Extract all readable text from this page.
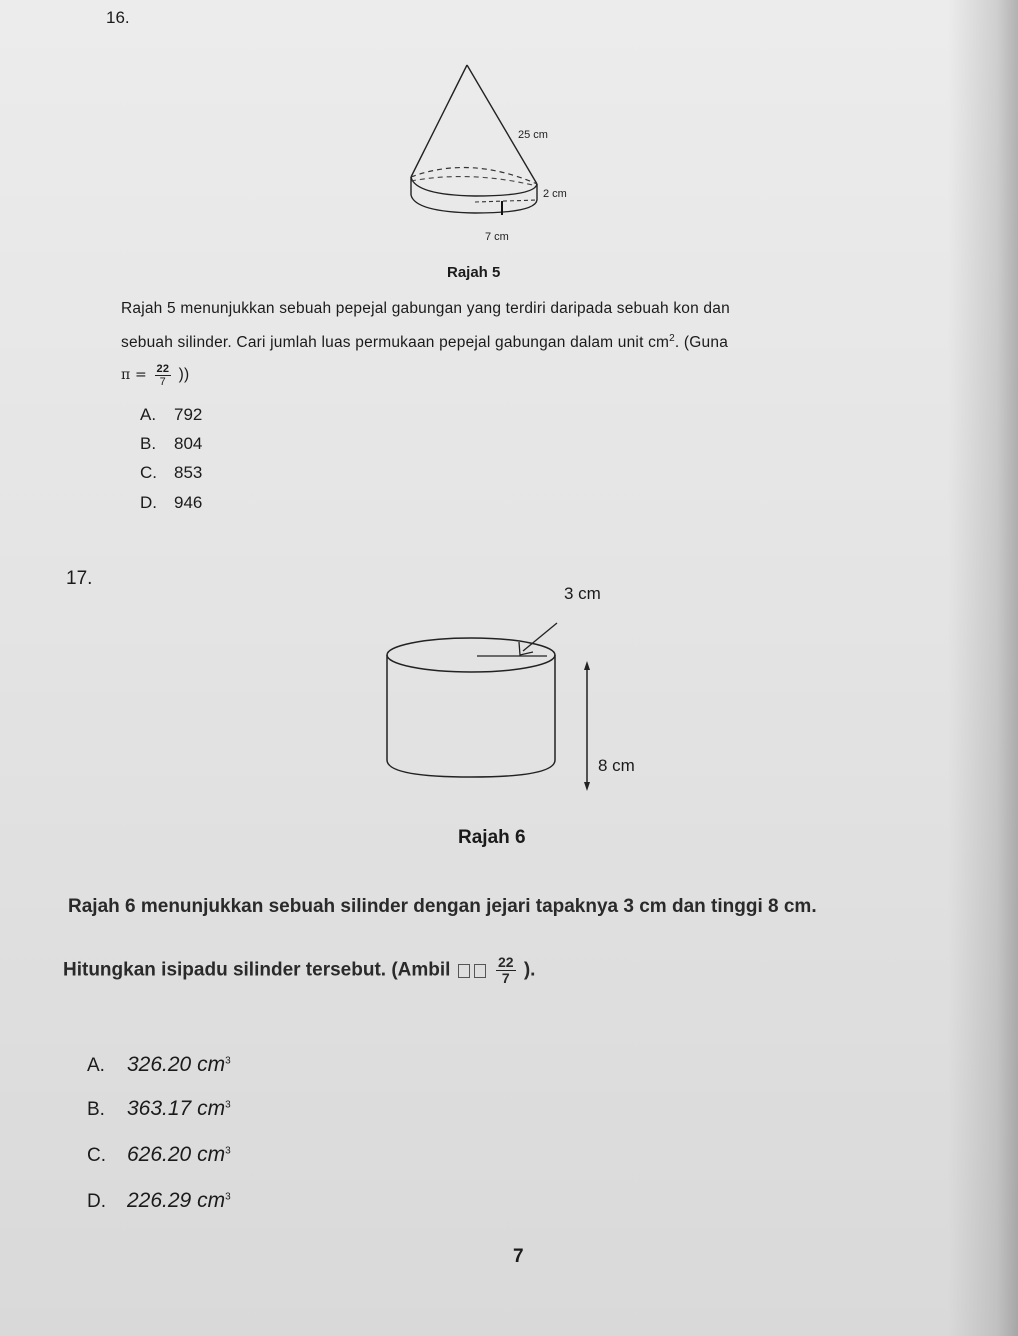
16.
25 cm
2 cm
7 cm
Rajah 5
Rajah 5 menunjukkan sebuah pepejal gabungan yang terdiri daripada sebuah kon dan
sebuah silinder. Cari jumlah luas permukaan pepejal gabungan dalam unit $cm^2$. (Guna
$\pi = \frac{22}{7}$ ))
A. 792
B. 804
C. 853
D. 946
17.
3 cm
8 cm
Rajah 6
Rajah 6 menunjukkan sebuah silinder dengan jejari tapaknya 3 cm dan tinggi 8 cm.
Hitungkan isipadu silinder tersebut. (Ambil	$\frac{22}{7}$ ).
A. 326.20 $cm^3$
B. 363.17 $cm^3$
C. 626.20 $cm^3$
D. 226.29 $cm^3$
7
